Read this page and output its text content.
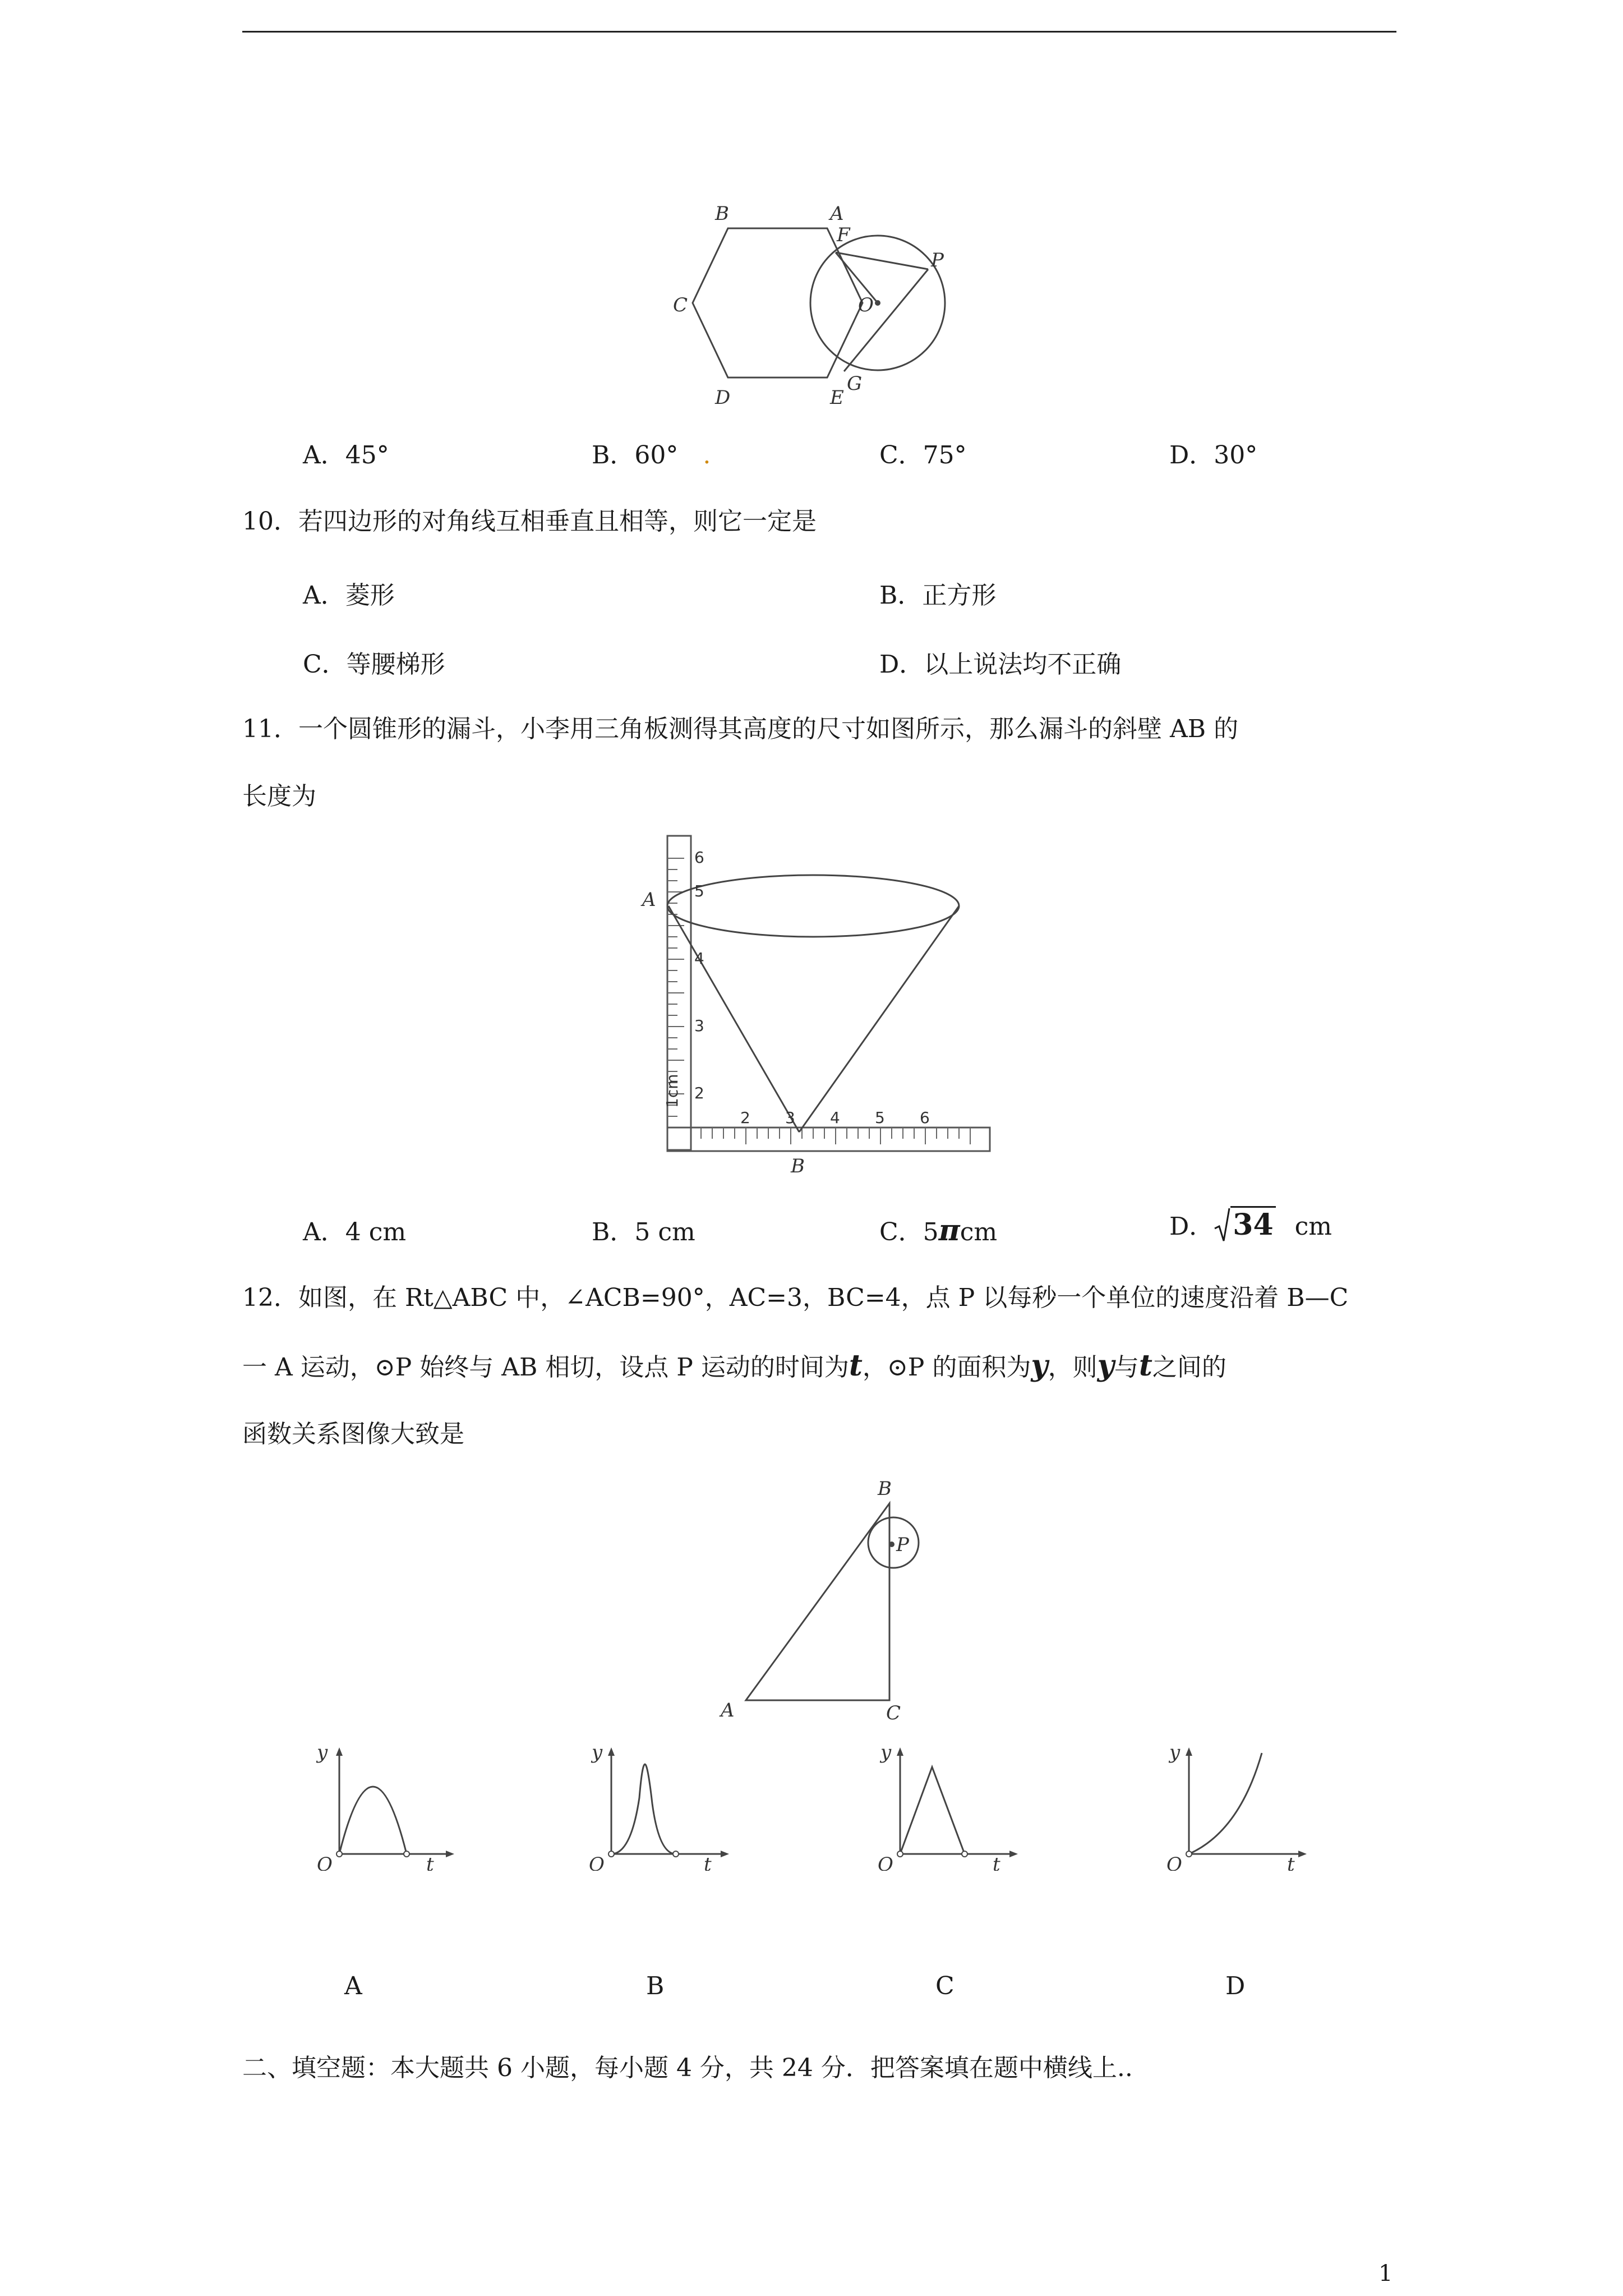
B	A
F
P
C	O
D	E
G
A．45°	B．60° .	C．75°	D．30°
10．若四边形的对角线互相垂直且相等，则它一定是
A．菱形	B．正方形
C．等腰梯形	D．以上说法均不正确
11．一个圆锥形的漏斗，小李用三角板测得其高度的尺寸如图所示，那么漏斗的斜壁 AB 的
长度为
A
B
2
3
4
5
6
1cm
2 3 4 5 6
A．4 cm	B．5 cm	C．5πcm	D． 34 cm
12．如图，在 Rt△ABC 中，∠ACB=90°，AC=3，BC=4，点 P 以每秒一个单位的速度沿着 B—C
一 A 运动，⊙P 始终与 AB 相切，设点 P 运动的时间为t，⊙P 的面积为y，则y与t之间的
函数关系图像大致是
B
P
A	C
O
y
t	O
y
t	O
y
t	O
y
t
A	B	C	D
二、填空题：本大题共 6 小题，每小题 4 分，共 24 分．把答案填在题中横线上..
1
